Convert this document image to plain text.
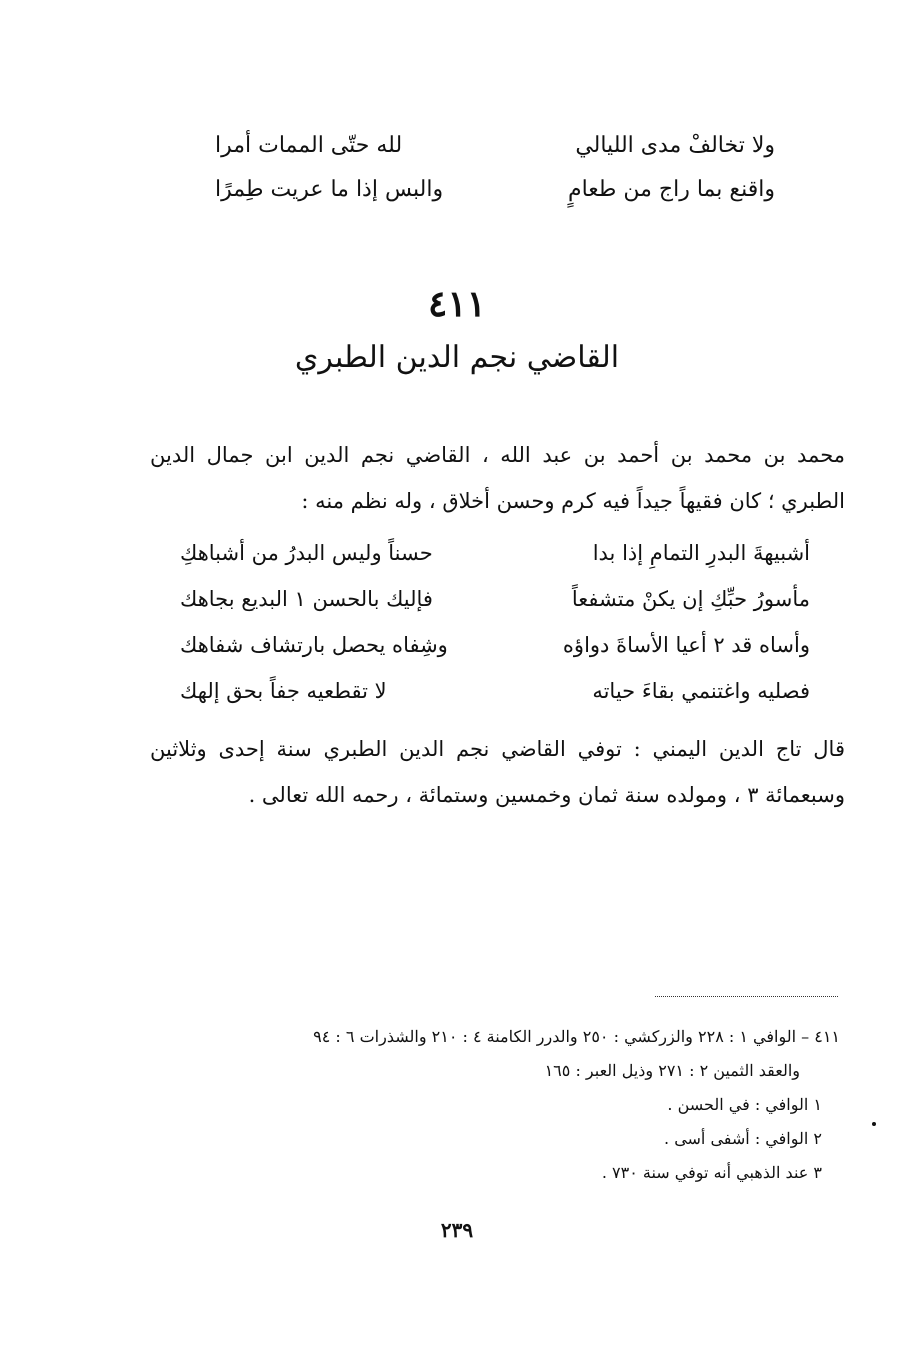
ولا تخالفْ مدى الليالي
لله حتّى الممات أمرا
واقنع بما راج من طعامٍ
والبس إذا ما عريت طِمرًا
٤١١
القاضي نجم الدين الطبري
محمد بن محمد بن أحمد بن عبد الله ، القاضي نجم الدين ابن جمال الدين الطبري ؛ كان فقيهاً جيداً فيه كرم وحسن أخلاق ، وله نظم منه :
أشبيهةَ البدرِ التمامِ إذا بدا
حسناً وليس البدرُ من أشباهكِ
مأسورُ حبِّكِ إن يكنْ متشفعاً
فإليك بالحسن ١ البديع بجاهك
وأساه قد ٢ أعيا الأساةَ دواؤه
وشِفاه يحصل بارتشاف شفاهك
فصليه واغتنمي بقاءَ حياته
لا تقطعيه جفاً بحق إلهك
قال تاج الدين اليمني : توفي القاضي نجم الدين الطبري سنة إحدى وثلاثين وسبعمائة ٣ ، ومولده سنة ثمان وخمسين وستمائة ، رحمه الله تعالى .
٤١١ – الوافي ١ : ٢٢٨ والزركشي : ٢٥٠ والدرر الكامنة ٤ : ٢١٠ والشذرات ٦ : ٩٤
والعقد الثمين ٢ : ٢٧١ وذيل العبر : ١٦٥
١ الوافي : في الحسن .
٢ الوافي : أشفى أسى .
٣ عند الذهبي أنه توفي سنة ٧٣٠ .
٢٣٩
